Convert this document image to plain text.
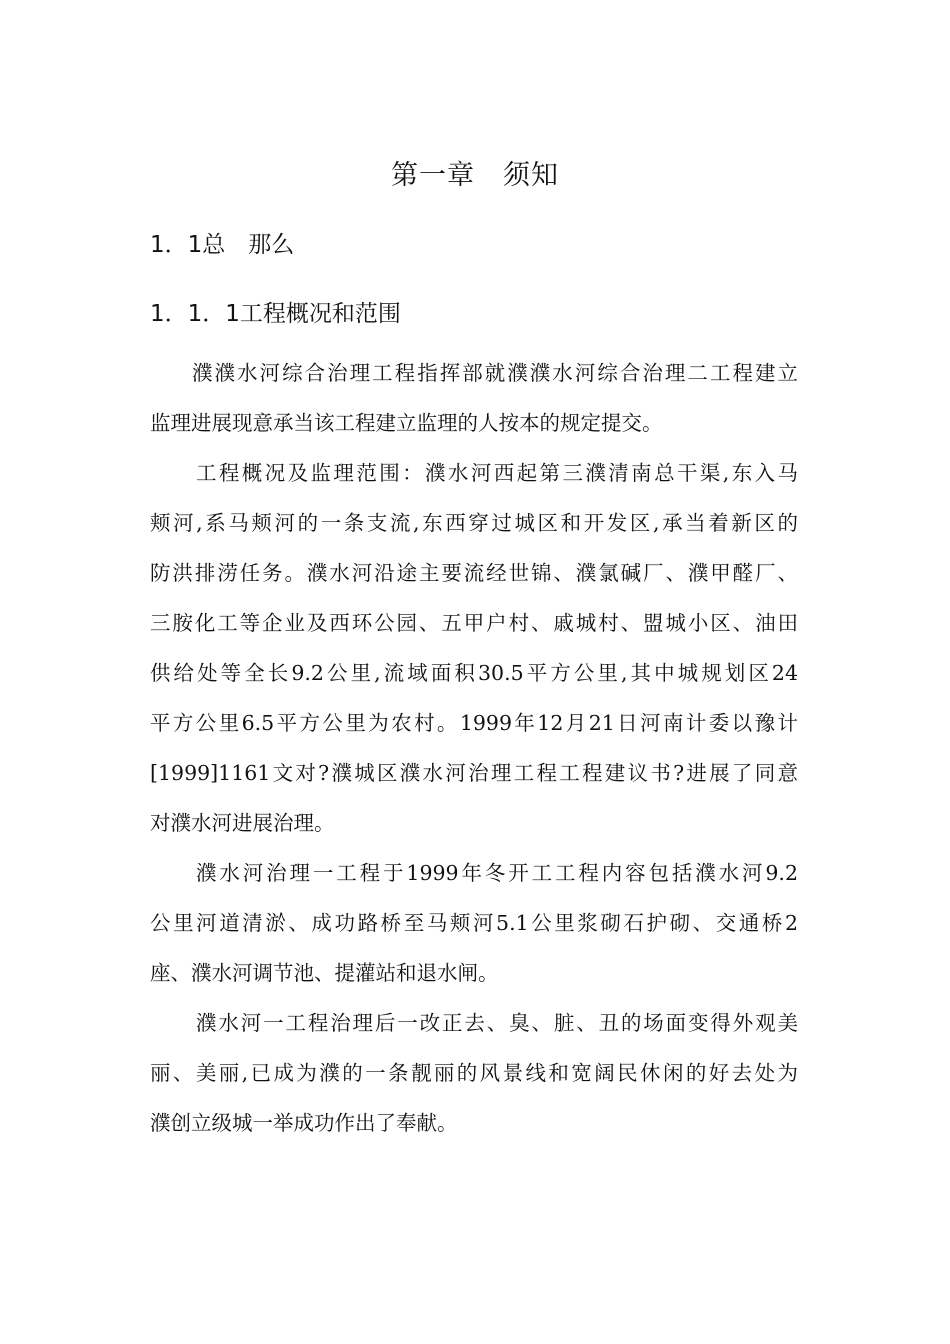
第一章　须知
1．1总　那么
1．1．1工程概况和范围
濮濮水河综合治理工程指挥部就濮濮水河综合治理二工程建立
监理进展现意承当该工程建立监理的人按本的规定提交。
工程概况及监理范围：濮水河西起第三濮清南总干渠,东入马
颊河,系马颊河的一条支流,东西穿过城区和开发区,承当着新区的
防洪排涝任务。濮水河沿途主要流经世锦、濮氯碱厂、濮甲醛厂、
三胺化工等企业及西环公园、五甲户村、戚城村、盟城小区、油田
供给处等全长9.2公里,流域面积30.5平方公里,其中城规划区24
平方公里6.5平方公里为农村。1999年12月21日河南计委以豫计
[1999]1161文对?濮城区濮水河治理工程工程建议书?进展了同意
对濮水河进展治理。
濮水河治理一工程于1999年冬开工工程内容包括濮水河9.2
公里河道清淤、成功路桥至马颊河5.1公里浆砌石护砌、交通桥2
座、濮水河调节池、提灌站和退水闸。
濮水河一工程治理后一改正去、臭、脏、丑的场面变得外观美
丽、美丽,已成为濮的一条靓丽的风景线和宽阔民休闲的好去处为
濮创立级城一举成功作出了奉献。
